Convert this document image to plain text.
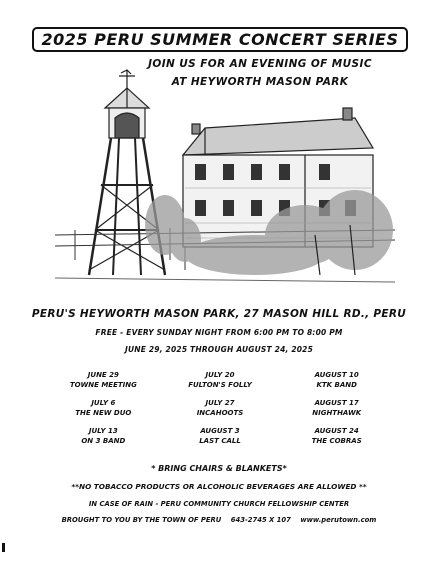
2025 PERU SUMMER CONCERT SERIES
JOIN US FOR AN EVENING OF MUSIC
AT HEYWORTH MASON PARK
PERU'S HEYWORTH MASON PARK, 27 MASON HILL RD., PERU
FREE - EVERY SUNDAY NIGHT FROM 6:00 PM TO 8:00 PM
JUNE 29, 2025 THROUGH AUGUST 24, 2025
JUNE 29
TOWNE MEETING
JULY 6
THE NEW DUO
JULY 13
ON 3 BAND
JULY 20
FULTON'S FOLLY
JULY 27
INCAHOOTS
AUGUST 3
LAST CALL
AUGUST 10
KTK BAND
AUGUST 17
NIGHTHAWK
AUGUST 24
THE COBRAS
* BRING CHAIRS & BLANKETS*
**NO TOBACCO PRODUCTS OR ALCOHOLIC BEVERAGES ARE ALLOWED **
IN CASE OF RAIN - PERU COMMUNITY CHURCH FELLOWSHIP CENTER
BROUGHT TO YOU BY THE TOWN OF PERU 643-2745 X 107 www.perutown.com
